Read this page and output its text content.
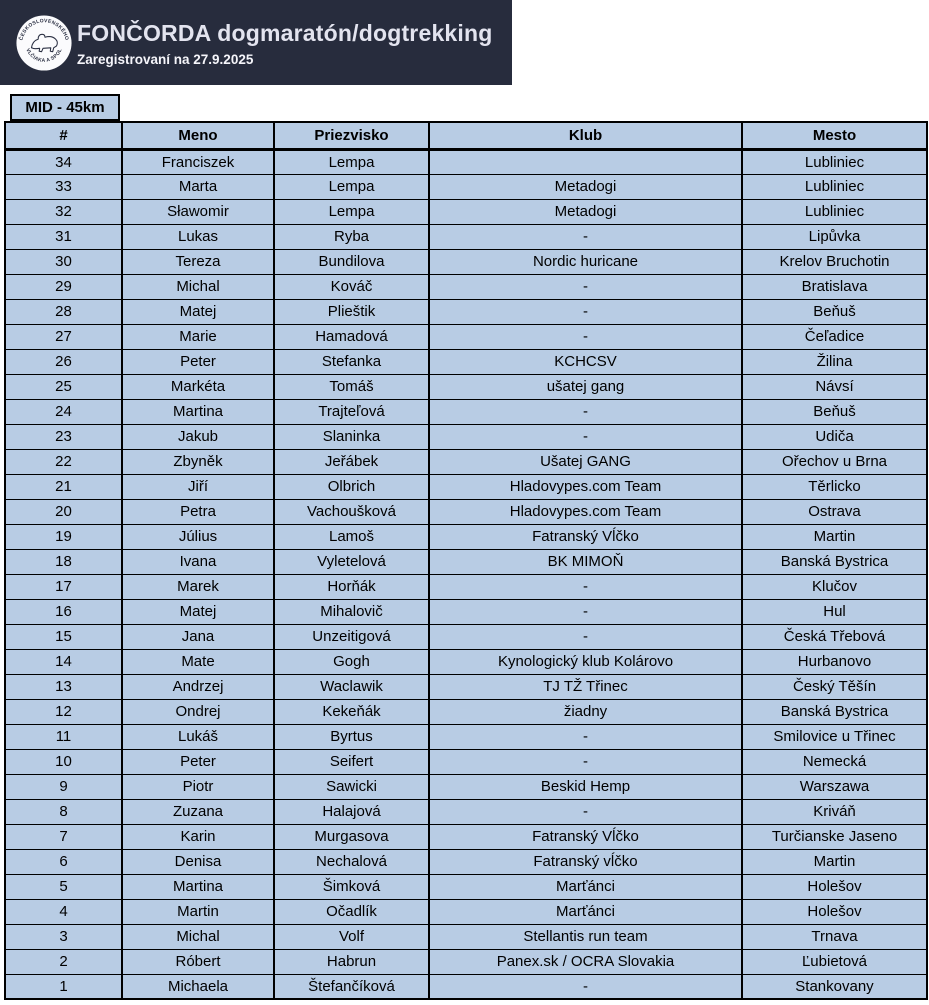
ČESKOSLOVENSKÉHO
VLČIAKA A SPOL
FONČORDA dogmaratón/dogtrekking
Zaregistrovaní na 27.9.2025
MID - 45km
#	Meno	Priezvisko	Klub	Mesto
34	Franciszek	Lempa		Lubliniec
33	Marta	Lempa	Metadogi	Lubliniec
32	Sławomir	Lempa	Metadogi	Lubliniec
31	Lukas	Ryba	-	Lipůvka
30	Tereza	Bundilova	Nordic huricane	Krelov Bruchotin
29	Michal	Kováč	-	Bratislava
28	Matej	Plieštik	-	Beňuš
27	Marie	Hamadová	-	Čeľadice
26	Peter	Stefanka	KCHCSV	Žilina
25	Markéta	Tomáš	ušatej gang	Návsí
24	Martina	Trajteľová	-	Beňuš
23	Jakub	Slaninka	-	Udiča
22	Zbyněk	Jeřábek	Ušatej GANG	Ořechov u Brna
21	Jiří	Olbrich	Hladovypes.com Team	Těrlicko
20	Petra	Vachoušková	Hladovypes.com Team	Ostrava
19	Július	Lamoš	Fatranský Vĺčko	Martin
18	Ivana	Vyletelová	BK MIMOŇ	Banská Bystrica
17	Marek	Horňák	-	Klučov
16	Matej	Mihalovič	-	Hul
15	Jana	Unzeitigová	-	Česká Třebová
14	Mate	Gogh	Kynologický klub Kolárovo	Hurbanovo
13	Andrzej	Waclawik	TJ TŽ Třinec	Český Těšín
12	Ondrej	Kekeňák	žiadny	Banská Bystrica
11	Lukáš	Byrtus	-	Smilovice u Třinec
10	Peter	Seifert	-	Nemecká
9	Piotr	Sawicki	Beskid Hemp	Warszawa
8	Zuzana	Halajová	-	Kriváň
7	Karin	Murgasova	Fatranský Vĺčko	Turčianske Jaseno
6	Denisa	Nechalová	Fatranský vĺčko	Martin
5	Martina	Šimková	Marťánci	Holešov
4	Martin	Očadlík	Marťánci	Holešov
3	Michal	Volf	Stellantis run team	Trnava
2	Róbert	Habrun	Panex.sk / OCRA Slovakia	Ľubietová
1	Michaela	Štefančíková	-	Stankovany
